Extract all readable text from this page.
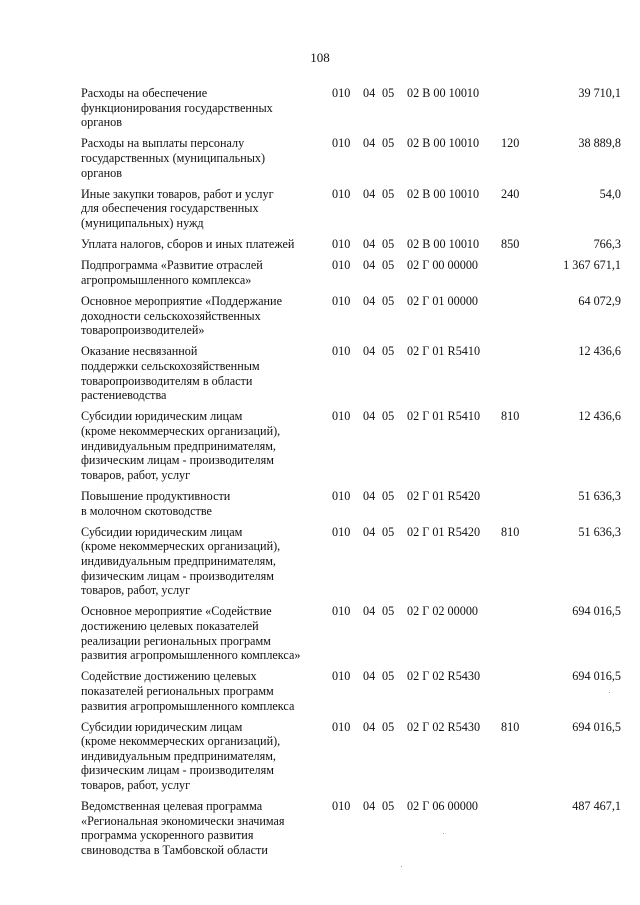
108
Расходы на обеспечение
функционирования государственных
органов
010 04 05 02 В 00 10010	39 710,1
Расходы на выплаты персоналу
государственных (муниципальных)
органов
010 04 05 02 В 00 10010 120	38 889,8
Иные закупки товаров, работ и услуг
для обеспечения государственных
(муниципальных) нужд
010 04 05 02 В 00 10010 240	54,0
Уплата налогов, сборов и иных платежей	010 04 05 02 В 00 10010 850	766,3
Подпрограмма «Развитие отраслей
агропромышленного комплекса»
010 04 05 02 Г 00 00000	1 367 671,1
Основное мероприятие «Поддержание
доходности сельскохозяйственных
товаропроизводителей»
010 04 05 02 Г 01 00000	64 072,9
Оказание несвязанной
поддержки сельскохозяйственным
товаропроизводителям в области
растениеводства
010 04 05 02 Г 01 R5410	12 436,6
Субсидии юридическим лицам
(кроме некоммерческих организаций),
индивидуальным предпринимателям,
физическим лицам - производителям
товаров, работ, услуг
010 04 05 02 Г 01 R5410 810	12 436,6
Повышение продуктивности
в молочном скотоводстве
010 04 05 02 Г 01 R5420	51 636,3
Субсидии юридическим лицам
(кроме некоммерческих организаций),
индивидуальным предпринимателям,
физическим лицам - производителям
товаров, работ, услуг
010 04 05 02 Г 01 R5420 810	51 636,3
Основное мероприятие «Содействие
достижению целевых показателей
реализации региональных программ
развития агропромышленного комплекса»
010 04 05 02 Г 02 00000	694 016,5
Содействие достижению целевых
показателей региональных программ
развития агропромышленного комплекса
010 04 05 02 Г 02 R5430	694 016,5
Субсидии юридическим лицам
(кроме некоммерческих организаций),
индивидуальным предпринимателям,
физическим лицам - производителям
товаров, работ, услуг
010 04 05 02 Г 02 R5430 810	694 016,5
Ведомственная целевая программа
«Региональная экономически значимая
программа ускоренного развития
свиноводства в Тамбовской области
010 04 05 02 Г 06 00000	487 467,1
